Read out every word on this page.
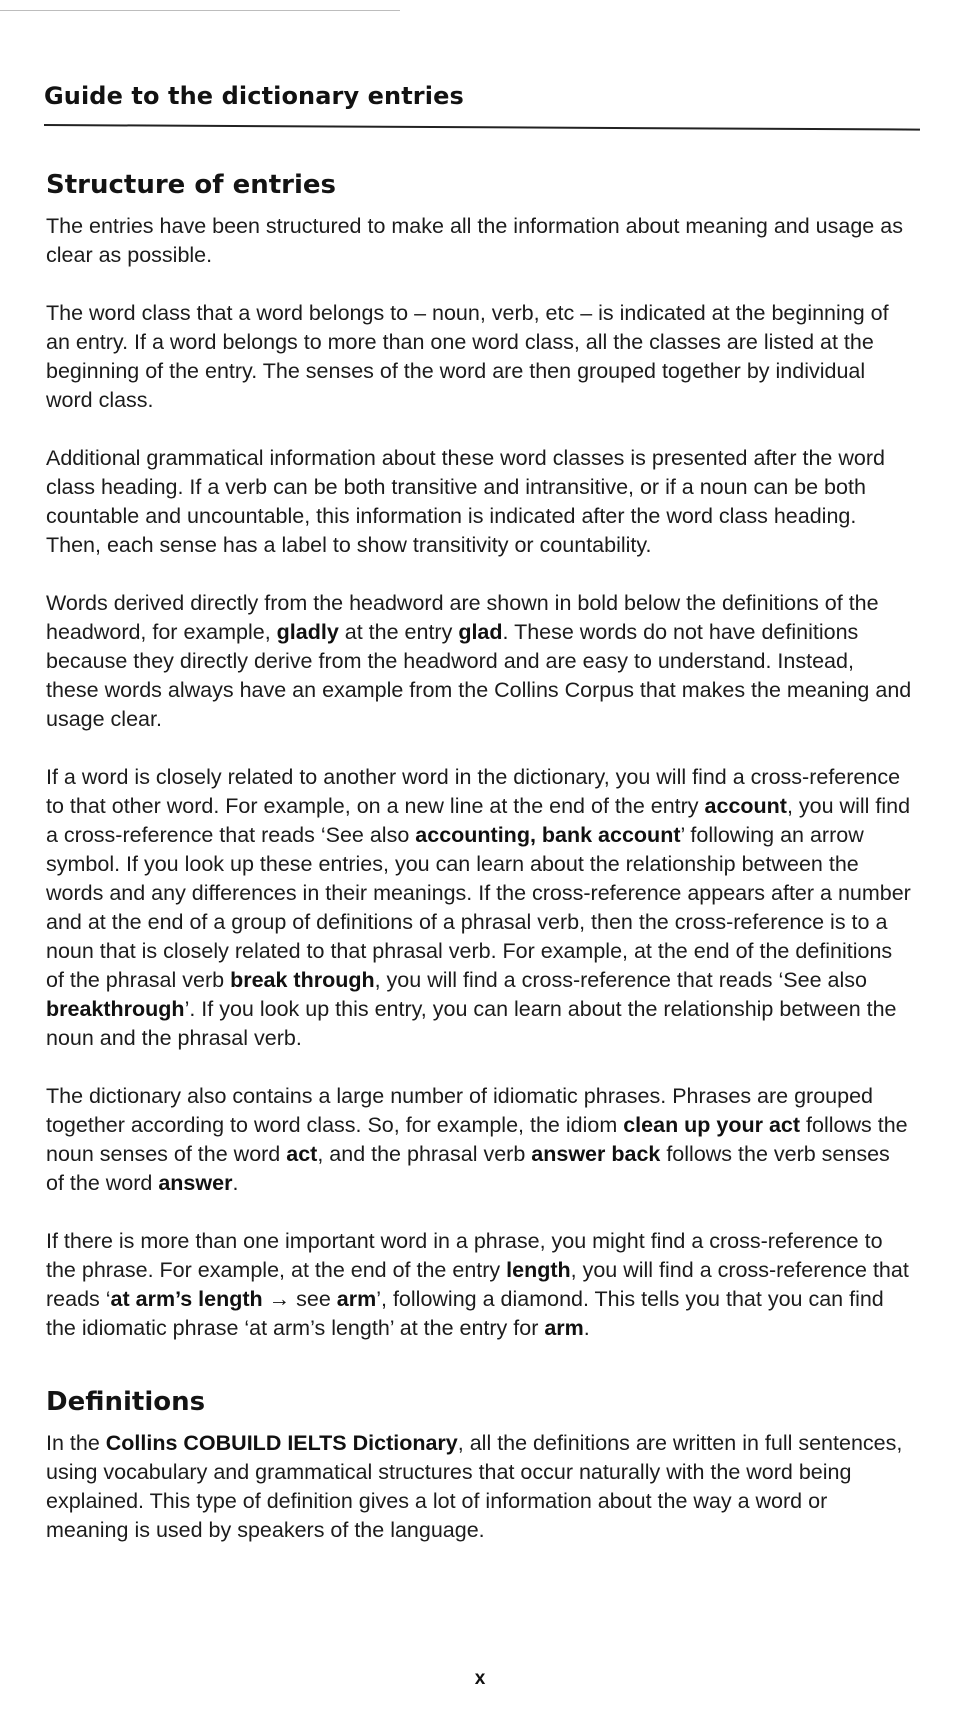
Guide to the dictionary entries
Structure of entries

The entries have been structured to make all the information about meaning and usage as clear as possible.

The word class that a word belongs to – noun, verb, etc – is indicated at the beginning of an entry. If a word belongs to more than one word class, all the classes are listed at the beginning of the entry. The senses of the word are then grouped together by individual word class.

Additional grammatical information about these word classes is presented after the word class heading. If a verb can be both transitive and intransitive, or if a noun can be both countable and uncountable, this information is indicated after the word class heading. Then, each sense has a label to show transitivity or countability.

Words derived directly from the headword are shown in bold below the definitions of the headword, for example, gladly at the entry glad. These words do not have definitions because they directly derive from the headword and are easy to understand. Instead, these words always have an example from the Collins Corpus that makes the meaning and usage clear.

If a word is closely related to another word in the dictionary, you will find a cross-reference to that other word. For example, on a new line at the end of the entry account, you will find a cross-reference that reads ‘See also accounting, bank account’ following an arrow symbol. If you look up these entries, you can learn about the relationship between the words and any differences in their meanings. If the cross-reference appears after a number and at the end of a group of definitions of a phrasal verb, then the cross-reference is to a noun that is closely related to that phrasal verb. For example, at the end of the definitions of the phrasal verb break through, you will find a cross-reference that reads ‘See also breakthrough’. If you look up this entry, you can learn about the relationship between the noun and the phrasal verb.

The dictionary also contains a large number of idiomatic phrases. Phrases are grouped together according to word class. So, for example, the idiom clean up your act follows the noun senses of the word act, and the phrasal verb answer back follows the verb senses of the word answer.

If there is more than one important word in a phrase, you might find a cross-reference to the phrase. For example, at the end of the entry length, you will find a cross-reference that reads ‘at arm’s length → see arm’, following a diamond. This tells you that you can find the idiomatic phrase ‘at arm’s length’ at the entry for arm.

Definitions

In the Collins COBUILD IELTS Dictionary, all the definitions are written in full sentences, using vocabulary and grammatical structures that occur naturally with the word being explained. This type of definition gives a lot of information about the way a word or meaning is used by speakers of the language.

x
